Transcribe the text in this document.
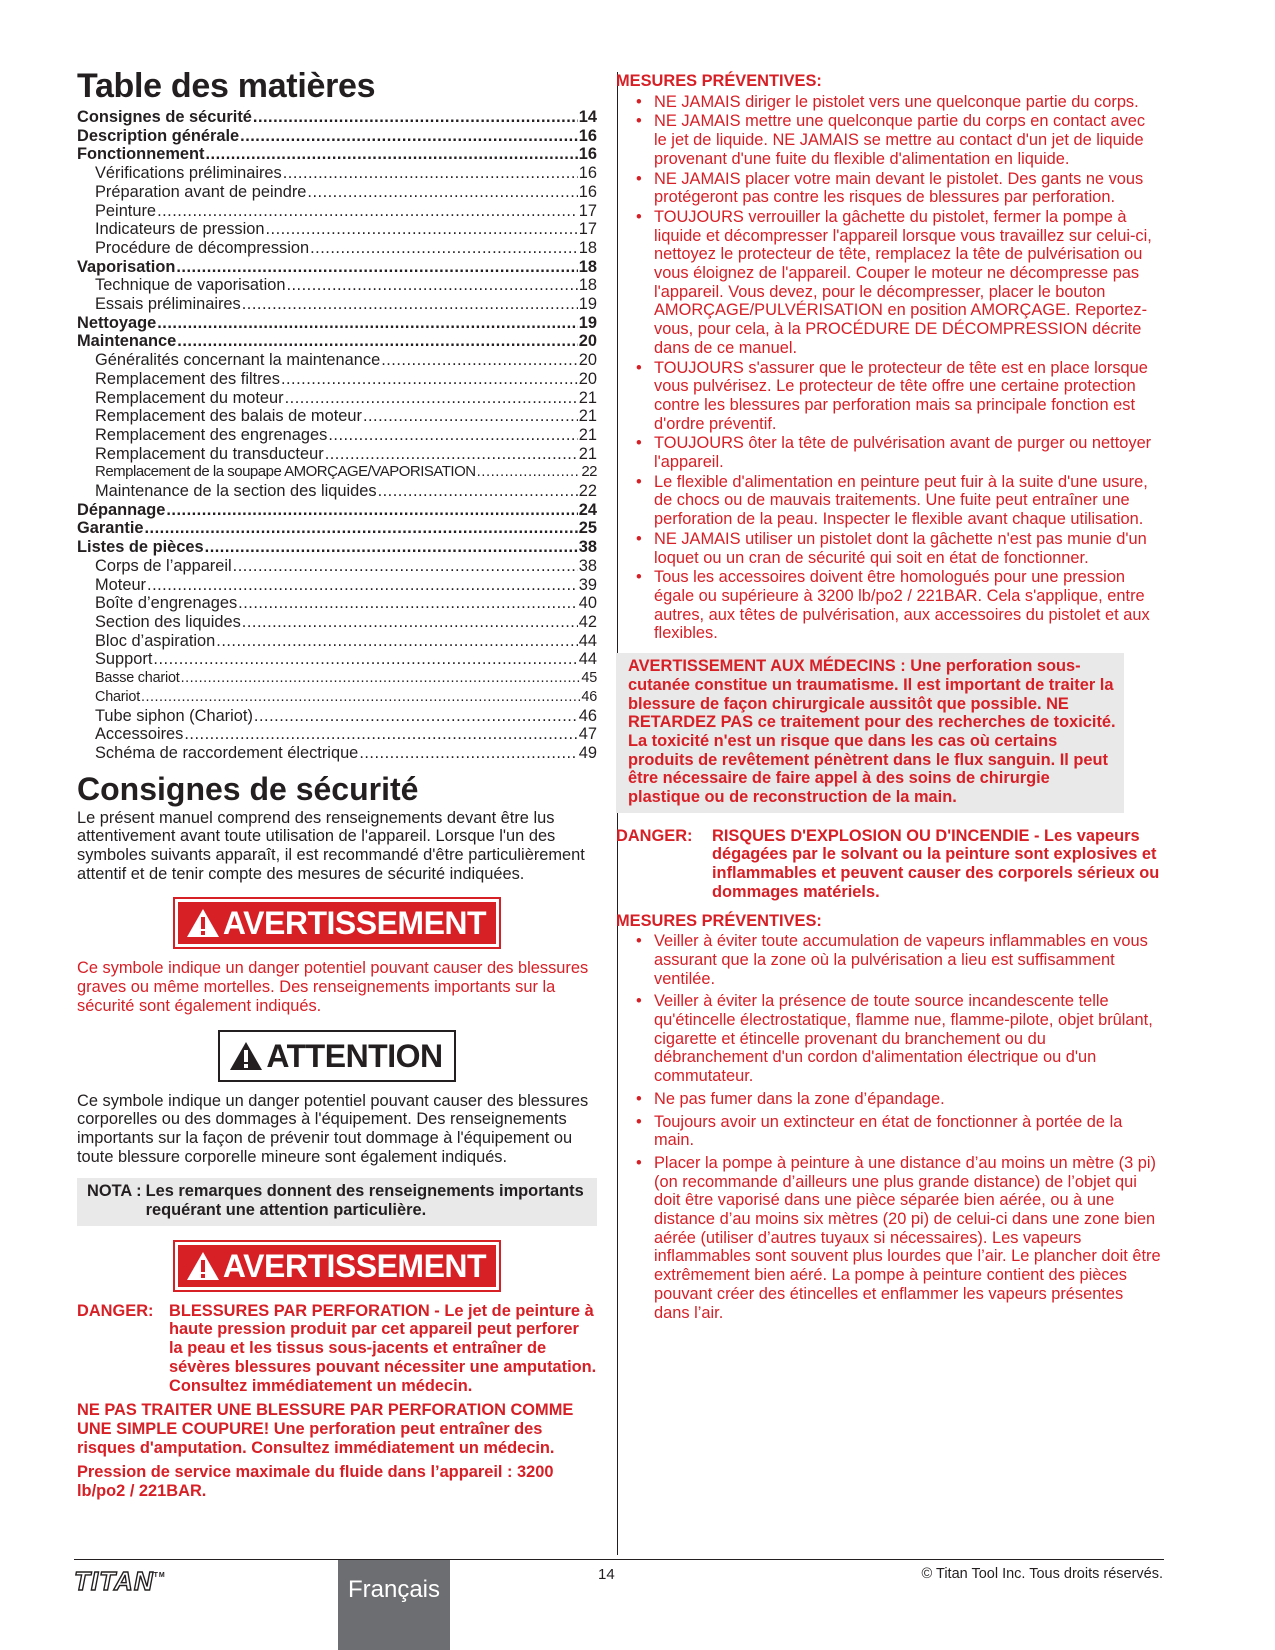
Table des matières
Consignes de sécurité .....	14
Description générale .....	16
Fonctionnement .....	16
Vérifications préliminaires .....	16
Préparation avant de peindre .....	16
Peinture .....	17
Indicateurs de pression .....	17
Procédure de décompression .....	18
Vaporisation .....	18
Technique de vaporisation .....	18
Essais préliminaires .....	19
Nettoyage .....	19
Maintenance .....	20
Généralités concernant la maintenance .....	20
Remplacement des filtres .....	20
Remplacement du moteur .....	21
Remplacement des balais de moteur .....	21
Remplacement des engrenages .....	21
Remplacement du transducteur .....	21
Remplacement de la soupape AMORÇAGE/VAPORISATION .....	22
Maintenance de la section des liquides .....	22
Dépannage .....	24
Garantie .....	25
Listes de pièces .....	38
Corps de l’appareil .....	38
Moteur .....	39
Boîte d’engrenages .....	40
Section des liquides .....	42
Bloc d’aspiration .....	44
Support .....	44
Basse chariot .....	45
Chariot .....	46
Tube siphon (Chariot) .....	46
Accessoires .....	47
Schéma de raccordement électrique .....	49
Consignes de sécurité

Le présent manuel comprend des renseignements devant être lus attentivement avant toute utilisation de l'appareil. Lorsque l'un des symboles suivants apparaît, il est recommandé d'être particulièrement attentif et de tenir compte des mesures de sécurité indiquées.

AVERTISSEMENT

Ce symbole indique un danger potentiel pouvant causer des blessures graves ou même mortelles. Des renseignements importants sur la sécurité sont également indiqués.

ATTENTION

Ce symbole indique un danger potentiel pouvant causer des blessures corporelles ou des dommages à l'équipement. Des renseignements importants sur la façon de prévenir tout dommage à l'équipement ou toute blessure corporelle mineure sont également indiqués.

NOTA : Les remarques donnent des renseignements importants requérant une attention particulière.
AVERTISSEMENT
DANGER: BLESSURES PAR PERFORATION - Le jet de peinture à haute pression produit par cet appareil peut perforer la peau et les tissus sous-jacents et entraîner de sévères blessures pouvant nécessiter une amputation. Consultez immédiatement un médecin.

NE PAS TRAITER UNE BLESSURE PAR PERFORATION COMME UNE SIMPLE COUPURE! Une perforation peut entraîner des risques d'amputation. Consultez immédiatement un médecin.

Pression de service maximale du fluide dans l’appareil : 3200 lb/po2 / 221BAR.

MESURES PRÉVENTIVES:
• NE JAMAIS diriger le pistolet vers une quelconque partie du corps.
• NE JAMAIS mettre une quelconque partie du corps en contact avec le jet de liquide. NE JAMAIS se mettre au contact d'un jet de liquide provenant d'une fuite du flexible d'alimentation en liquide.
• NE JAMAIS placer votre main devant le pistolet. Des gants ne vous protégeront pas contre les risques de blessures par perforation.
• TOUJOURS verrouiller la gâchette du pistolet, fermer la pompe à liquide et décompresser l'appareil lorsque vous travaillez sur celui-ci, nettoyez le protecteur de tête, remplacez la tête de pulvérisation ou vous éloignez de l'appareil. Couper le moteur ne décompresse pas l'appareil. Vous devez, pour le décompresser, placer le bouton AMORÇAGE/PULVÉRISATION en position AMORÇAGE. Reportez-vous, pour cela, à la PROCÉDURE DE DÉCOMPRESSION décrite dans de ce manuel.
• TOUJOURS s'assurer que le protecteur de tête est en place lorsque vous pulvérisez. Le protecteur de tête offre une certaine protection contre les blessures par perforation mais sa principale fonction est d'ordre préventif.
• TOUJOURS ôter la tête de pulvérisation avant de purger ou nettoyer l'appareil.
• Le flexible d'alimentation en peinture peut fuir à la suite d'une usure, de chocs ou de mauvais traitements. Une fuite peut entraîner une perforation de la peau. Inspecter le flexible avant chaque utilisation.
• NE JAMAIS utiliser un pistolet dont la gâchette n'est pas munie d'un loquet ou un cran de sécurité qui soit en état de fonctionner.
• Tous les accessoires doivent être homologués pour une pression égale ou supérieure à 3200 lb/po2 / 221BAR. Cela s'applique, entre autres, aux têtes de pulvérisation, aux accessoires du pistolet et aux flexibles.
AVERTISSEMENT AUX MÉDECINS : Une perforation sous-cutanée constitue un traumatisme. Il est important de traiter la blessure de façon chirurgicale aussitôt que possible. NE RETARDEZ PAS ce traitement pour des recherches de toxicité. La toxicité n'est un risque que dans les cas où certains produits de revêtement pénètrent dans le flux sanguin. Il peut être nécessaire de faire appel à des soins de chirurgie plastique ou de reconstruction de la main.
DANGER:	RISQUES D'EXPLOSION OU D'INCENDIE - Les vapeurs dégagées par le solvant ou la peinture sont explosives et inflammables et peuvent causer des corporels sérieux ou dommages matériels.
MESURES PRÉVENTIVES:
• Veiller à éviter toute accumulation de vapeurs inflammables en vous assurant que la zone où la pulvérisation a lieu est suffisamment ventilée.
• Veiller à éviter la présence de toute source incandescente telle qu'étincelle électrostatique, flamme nue, flamme-pilote, objet brûlant, cigarette et étincelle provenant du branchement ou du débranchement d'un cordon d'alimentation électrique ou d'un commutateur.
• Ne pas fumer dans la zone d’épandage.
• Toujours avoir un extincteur en état de fonctionner à portée de la main.
• Placer la pompe à peinture à une distance d’au moins un mètre (3 pi) (on recommande d’ailleurs une plus grande distance) de l’objet qui doit être vaporisé dans une pièce séparée bien aérée, ou à une distance d’au moins six mètres (20 pi) de celui-ci dans une zone bien aérée (utiliser d’autres tuyaux si nécessaires). Les vapeurs inflammables sont souvent plus lourdes que l’air. Le plancher doit être extrêmement bien aéré. La pompe à peinture contient des pièces pouvant créer des étincelles et enflammer les vapeurs présentes dans l’air.
TITAN™
Français
14	© Titan Tool Inc. Tous droits réservés.
